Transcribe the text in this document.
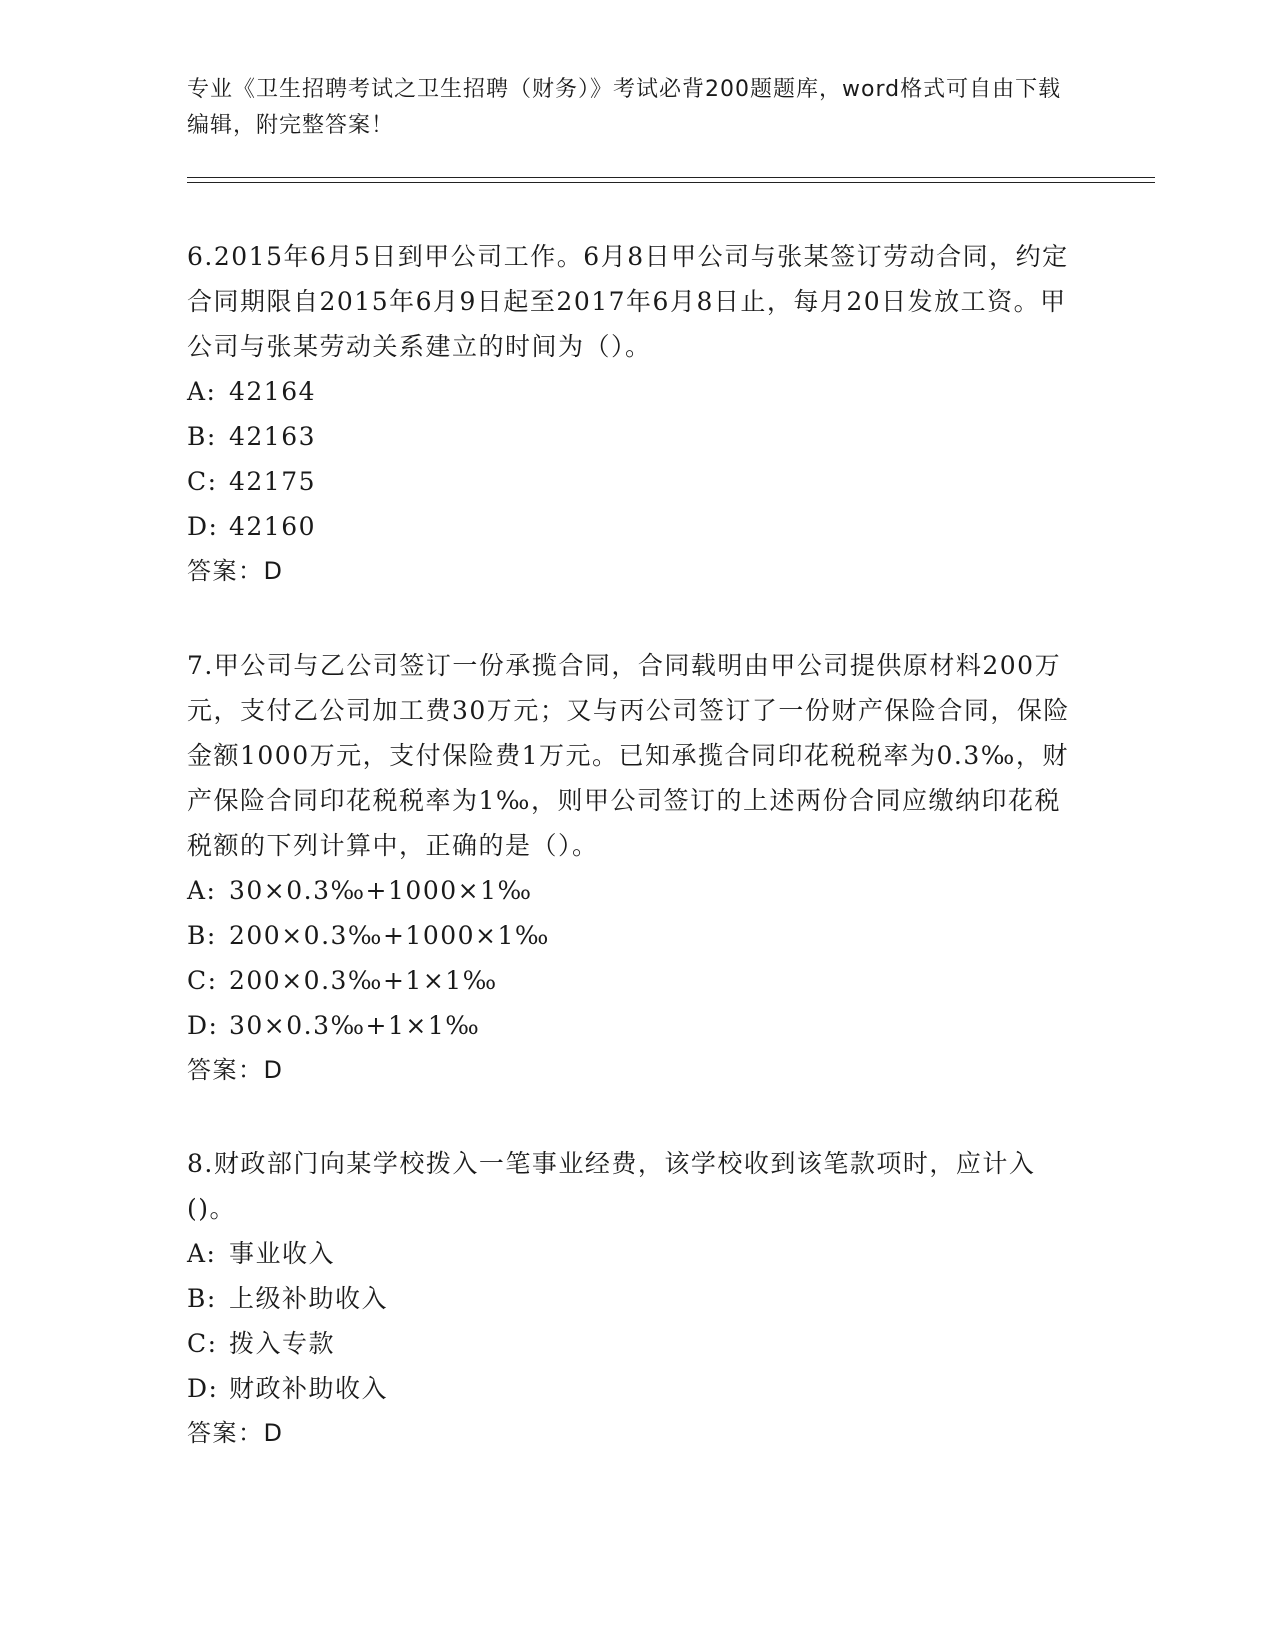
专业《卫生招聘考试之卫生招聘（财务）》考试必背200题题库，word格式可自由下载编辑，附完整答案！

6.2015年6月5日到甲公司工作。6月8日甲公司与张某签订劳动合同，约定合同期限自2015年6月9日起至2017年6月8日止，每月20日发放工资。甲公司与张某劳动关系建立的时间为（）。

A: 42164

B: 42163

C: 42175

D: 42160

答案：D

7.甲公司与乙公司签订一份承揽合同，合同载明由甲公司提供原材料200万元，支付乙公司加工费30万元；又与丙公司签订了一份财产保险合同，保险金额1000万元，支付保险费1万元。已知承揽合同印花税税率为0.3‰，财产保险合同印花税税率为1‰，则甲公司签订的上述两份合同应缴纳印花税税额的下列计算中，正确的是（）。

A: 30×0.3‰+1000×1‰

B: 200×0.3‰+1000×1‰

C: 200×0.3‰+1×1‰

D: 30×0.3‰+1×1‰

答案：D

8.财政部门向某学校拨入一笔事业经费，该学校收到该笔款项时，应计入()。

A: 事业收入

B: 上级补助收入

C: 拨入专款

D: 财政补助收入

答案：D
